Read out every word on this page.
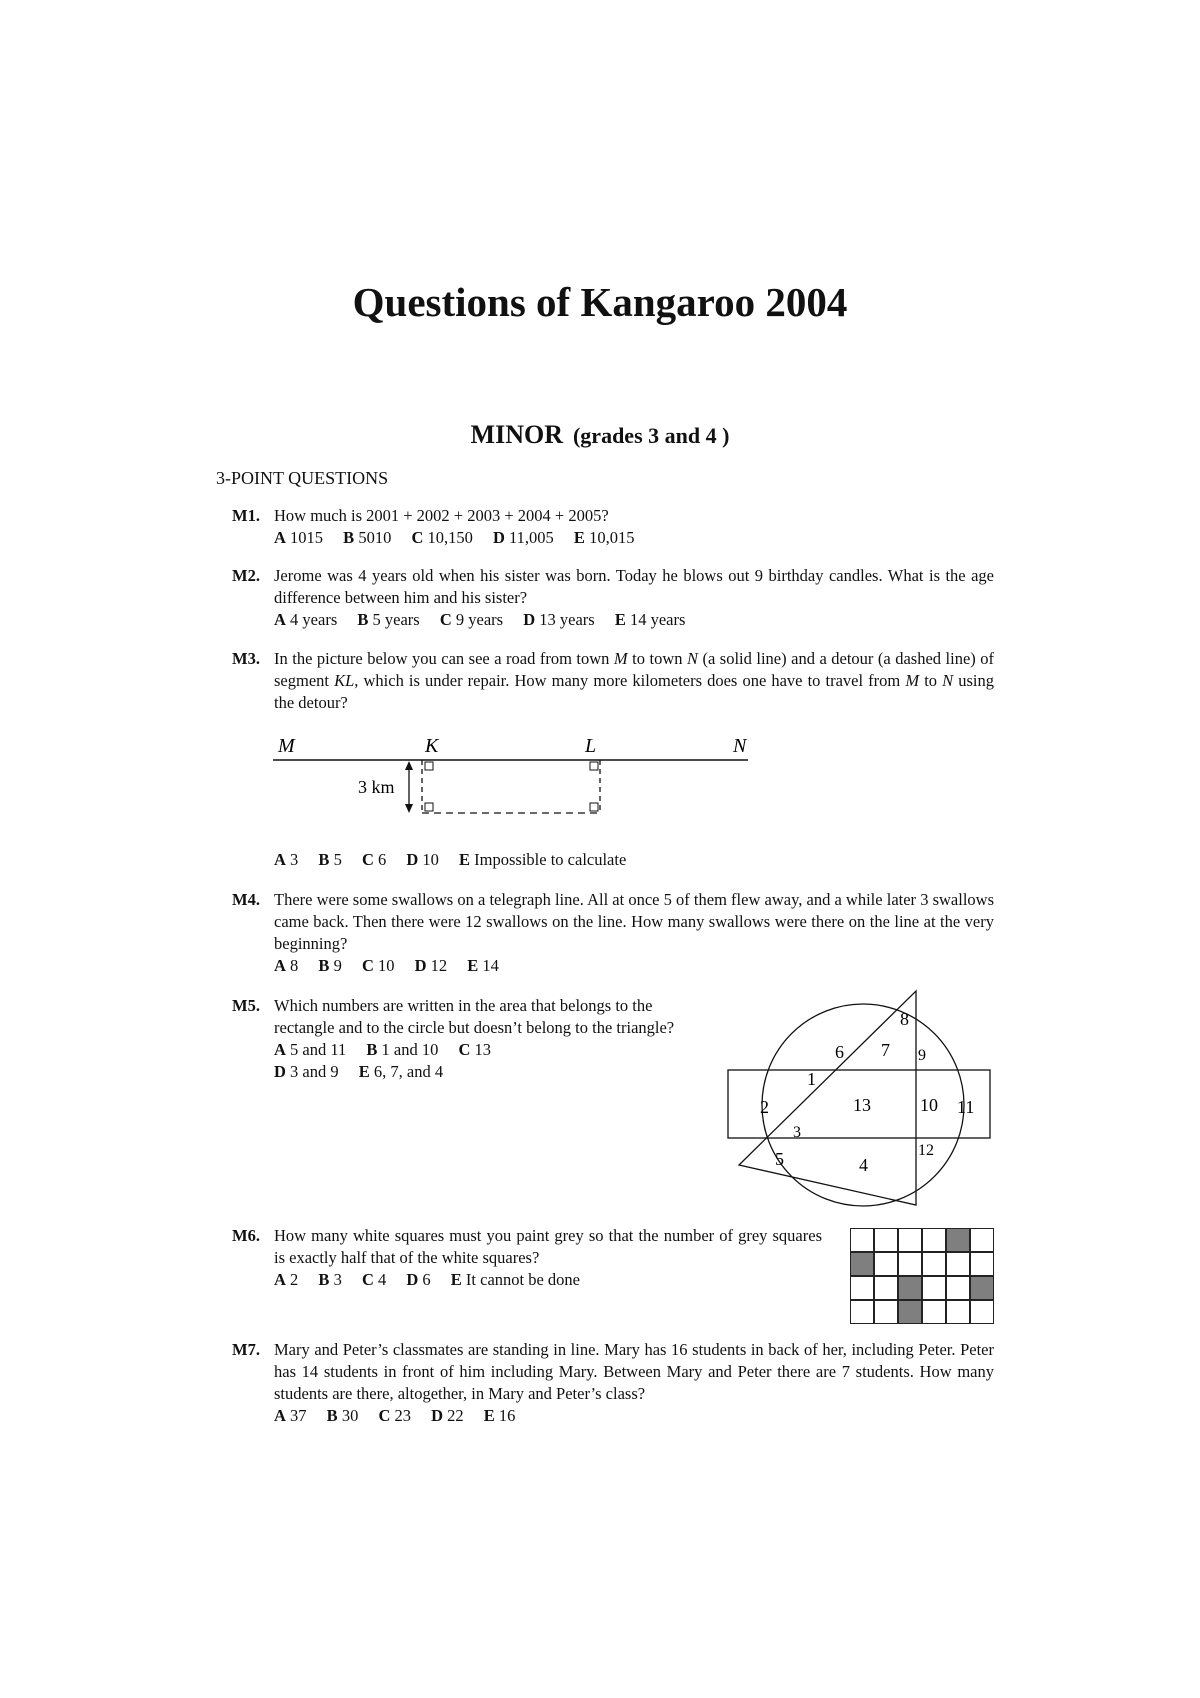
Questions of Kangaroo 2004
MINOR (grades 3 and 4 )
3-POINT QUESTIONS
M1. How much is 2001 + 2002 + 2003 + 2004 + 2005?
A 1015 B 5010 C 10,150 D 11,005 E 10,015
M2. Jerome was 4 years old when his sister was born. Today he blows out 9 birthday candles. What is the age difference between him and his sister?
A 4 years B 5 years C 9 years D 13 years E 14 years
M3. In the picture below you can see a road from town M to town N (a solid line) and a detour (a dashed line) of segment KL, which is under repair. How many more kilometers does one have to travel from M to N using the detour?
M	K	L	N
3 km
A 3 B 5 C 6 D 10 E Impossible to calculate
M4. There were some swallows on a telegraph line. All at once 5 of them flew away, and a while later 3 swallows came back. Then there were 12 swallows on the line. How many swallows were there on the line at the very beginning?
A 8 B 9 C 10 D 12 E 14
M5. Which numbers are written in the area that belongs to the rectangle and to the circle but doesn’t belong to the triangle?
A 5 and 11 B 1 and 10 C 13
D 3 and 9 E 6, 7, and 4
8
6 7 9
1
2	13	10 11
3
12
5	4
M6. How many white squares must you paint grey so that the number of grey squares is exactly half that of the white squares?
A 2 B 3 C 4 D 6 E It cannot be done
M7. Mary and Peter’s classmates are standing in line. Mary has 16 students in back of her, including Peter. Peter has 14 students in front of him including Mary. Between Mary and Peter there are 7 students. How many students are there, altogether, in Mary and Peter’s class?
A 37 B 30 C 23 D 22 E 16
